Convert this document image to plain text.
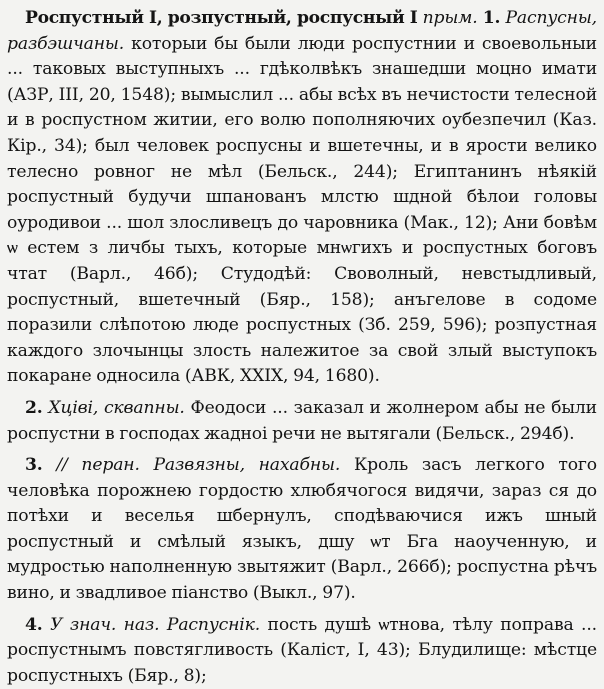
Роспустный I, розпустный, роспусный I прым. 1. Распусны, разбэшчаны. которыи бы были люди роспустнии и своевольныи ... таковых выступныхъ ... гдѣколвѣкъ знашедши моцно имати (АЗР, III, 20, 1548); вымыслил ... абы всѣх въ нечистости телесной и в роспустном житии, его волю пополняючих оубезпечил (Каз. Кір., 34); был человек роспусны и вшетечны, и в ярости велико телесно ровног не мѣл (Бельск., 244); Египтанинъ нѣякій роспустный будучи шпанованъ млстю шдной бѣлои головы оуродивои ... шол злоcливецъ до чаровника (Мак., 12); Ани бовѣм ѡ естем з личбы тыхъ, которые мнѡгихъ и роспустных боговъ чтат (Варл., 46б); Студодѣй: Своволный, невстыдливый, роспустный, вшетечный (Бяр., 158); анъгелове в содоме поразили слѣпотою люде роспустных (Зб. 259, 596); розпустная каждого злочынцы злость належитое за свой злый выступокъ покаране односила (АВК, XXIX, 94, 1680).

2. Хціві, скваnны. Феодоси ... заказал и жолнером абы не были роспустни в господах жадноi речи не вытягали (Бельск., 294б).

3. // перан. Развязны, нахабны. Кроль засъ легкого того человѣка порожнею гордостю хлюбячогося видячи, зараз ся до потѣхи и веселья шбернулъ, сподѣваючися ижъ шный роспустный и смѣлый языкъ, дшу ѡт Бга наоученную, и мудростью наполненную звытяжит (Варл., 266б); роспустна рѣчъ вино, и звадливое піанство (Выкл., 97).

4. У знач. наз. Распуснік. пость душѣ ѡтнова, тѣлу поправа ... роспустнымъ повстягливость (Каліст, I, 43); Блудилище: мѣстце роспустныхъ (Бяр., 8);
